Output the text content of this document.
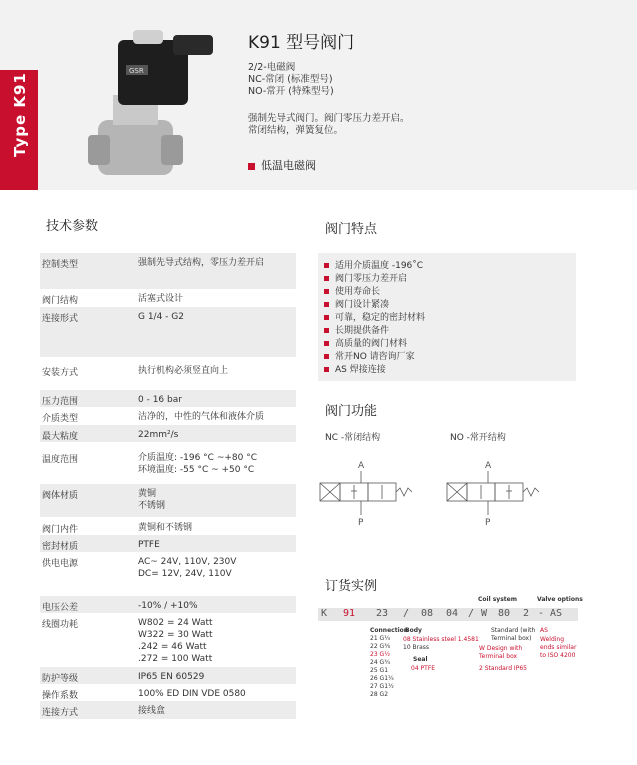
Type K91
GSR
K91 型号阀门
2/2-电磁阀
NC-常闭 (标准型号)
NO-常开 (特殊型号)
强制先导式阀门。阀门零压力差开启。
常闭结构，弹簧复位。
低温电磁阀
技术参数	阀门特点
阀门功能
订货实例
控制类型	强制先导式结构，零压力差开启
阀门结构	活塞式设计
连接形式	G 1/4 - G2
安装方式	执行机构必须竖直向上
压力范围	0 - 16 bar
介质类型	洁净的，中性的气体和液体介质
最大粘度	22mm²/s
温度范围	介质温度: -196 °C ~+80 °C
环境温度: -55 °C ~ +50 °C
阀体材质	黄铜
不锈钢
阀门内件	黄铜和不锈钢
密封材质	PTFE
供电电源	AC~ 24V, 110V, 230V
DC= 12V, 24V, 110V
电压公差	-10% / +10%
线圈功耗	W802 = 24 Watt
W322 = 30 Watt
.242 = 46 Watt
.272 = 100 Watt
防护等级	IP65 EN 60529
操作系数	100% ED DIN VDE 0580
连接方式	接线盒
适用介质温度 -196˚C
阀门零压力差开启
使用寿命长
阀门设计紧凑
可靠，稳定的密封材料
长期提供备件
高质量的阀门材料
常开NO 请咨询厂家
AS 焊接连接
NC -常闭结构	NO -常开结构
A
P
A
P
Coil system	Valve options
K 91 23 / 08 04 / W 80 2 - AS
Connection
21 G¼
22 G⅜
23 G½
24 G¾
25 G1
26 G1¼
27 G1½
28 G2
Body
08 Stainless steel 1.4581
10 Brass
Seal
04 PTFE
Standard (with Terminal box)
W Design with Terminal box
2 Standard IP65
AS
Welding ends similar to ISO 4200
